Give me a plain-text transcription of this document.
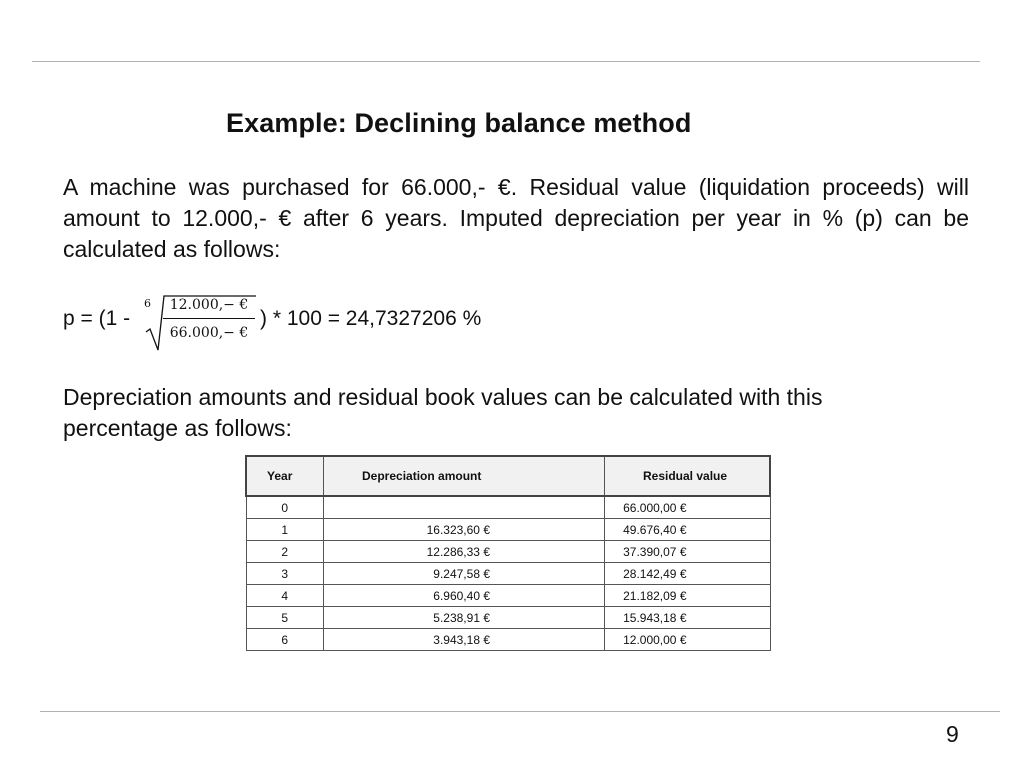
Example: Declining balance method
A machine was purchased for 66.000,- €. Residual value (liquidation proceeds) will amount to 12.000,- € after 6 years. Imputed depreciation per year in % (p) can be calculated as follows:
p = (1 -
6	12.000,− €
66.000,− €
) * 100 = 24,7327206 %
Depreciation amounts and residual book values can be calculated with this percentage as follows:
Year	Depreciation amount	Residual value
0		66.000,00 €
1	16.323,60 €	49.676,40 €
2	12.286,33 €	37.390,07 €
3	9.247,58 €	28.142,49 €
4	6.960,40 €	21.182,09 €
5	5.238,91 €	15.943,18 €
6	3.943,18 €	12.000,00 €
9
